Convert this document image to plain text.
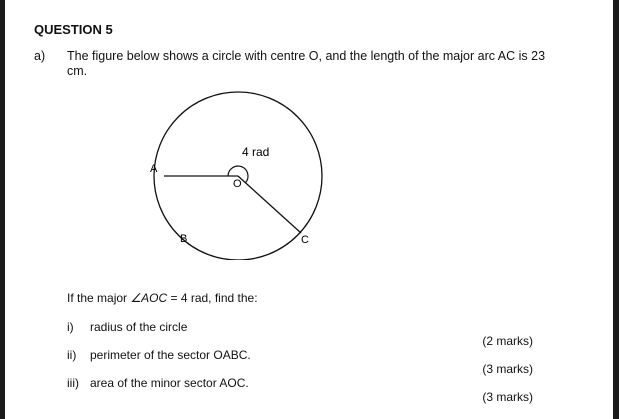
QUESTION 5
a) The figure below shows a circle with centre O, and the length of the major arc AC is 23 cm.
A
B	C
O
4 rad
If the major ∠AOC = 4 rad, find the:
i) radius of the circle
(2 marks)
ii) perimeter of the sector OABC.
(3 marks)
iii) area of the minor sector AOC.
(3 marks)
